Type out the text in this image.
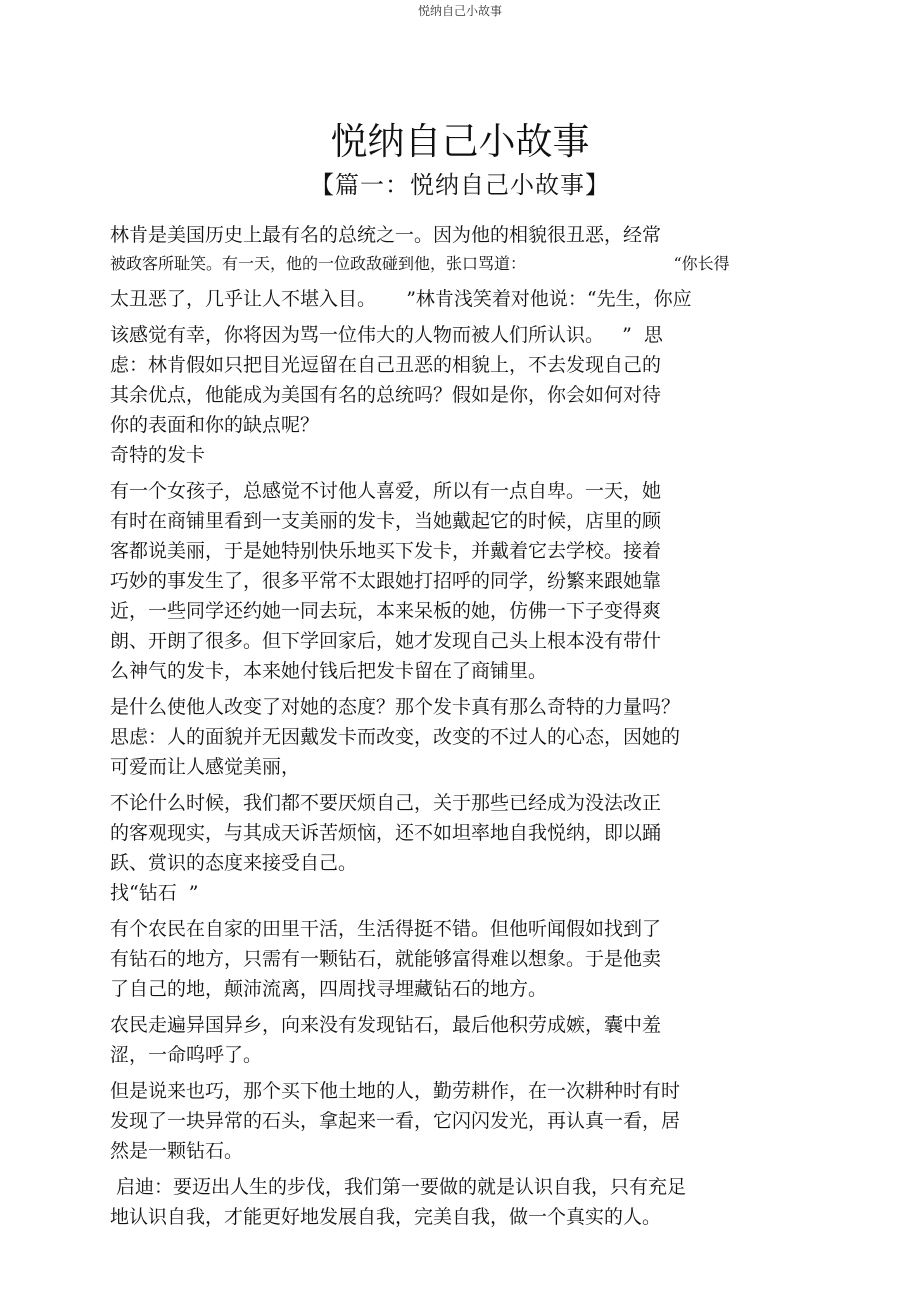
悦纳自己小故事
悦纳自己小故事
【篇一：悦纳自己小故事】
林肯是美国历史上最有名的总统之一。因为他的相貌很丑恶，经常
被政客所耻笑。有一天，他的一位政敌碰到他，张口骂道：                             “你长得
太丑恶了，几乎让人不堪入目。     ”林肯浅笑着对他说：“先生，你应
该感觉有幸，你将因为骂一位伟大的人物而被人们所认识。   ”  思
虑：林肯假如只把目光逗留在自己丑恶的相貌上，不去发现自己的
其余优点，他能成为美国有名的总统吗？假如是你，你会如何对待
你的表面和你的缺点呢？
奇特的发卡
有一个女孩子，总感觉不讨他人喜爱，所以有一点自卑。一天，她
有时在商铺里看到一支美丽的发卡，当她戴起它的时候，店里的顾
客都说美丽，于是她特别快乐地买下发卡，并戴着它去学校。接着
巧妙的事发生了，很多平常不太跟她打招呼的同学，纷繁来跟她靠
近，一些同学还约她一同去玩，本来呆板的她，仿佛一下子变得爽
朗、开朗了很多。但下学回家后，她才发现自己头上根本没有带什
么神气的发卡，本来她付钱后把发卡留在了商铺里。
是什么使他人改变了对她的态度？那个发卡真有那么奇特的力量吗？
思虑：人的面貌并无因戴发卡而改变，改变的不过人的心态，因她的
可爱而让人感觉美丽，
不论什么时候，我们都不要厌烦自己，关于那些已经成为没法改正
的客观现实，与其成天诉苦烦恼，还不如坦率地自我悦纳，即以踊
跃、赏识的态度来接受自己。
找“钻石  ”
有个农民在自家的田里干活，生活得挺不错。但他听闻假如找到了
有钻石的地方，只需有一颗钻石，就能够富得难以想象。于是他卖
了自己的地，颠沛流离，四周找寻埋藏钻石的地方。
农民走遍异国异乡，向来没有发现钻石，最后他积劳成嫉，囊中羞
涩，一命呜呼了。
但是说来也巧，那个买下他土地的人，勤劳耕作，在一次耕种时有时
发现了一块异常的石头，拿起来一看，它闪闪发光，再认真一看，居
然是一颗钻石。
启迪：要迈出人生的步伐，我们第一要做的就是认识自我，只有充足
地认识自我，才能更好地发展自我，完美自我，做一个真实的人。
